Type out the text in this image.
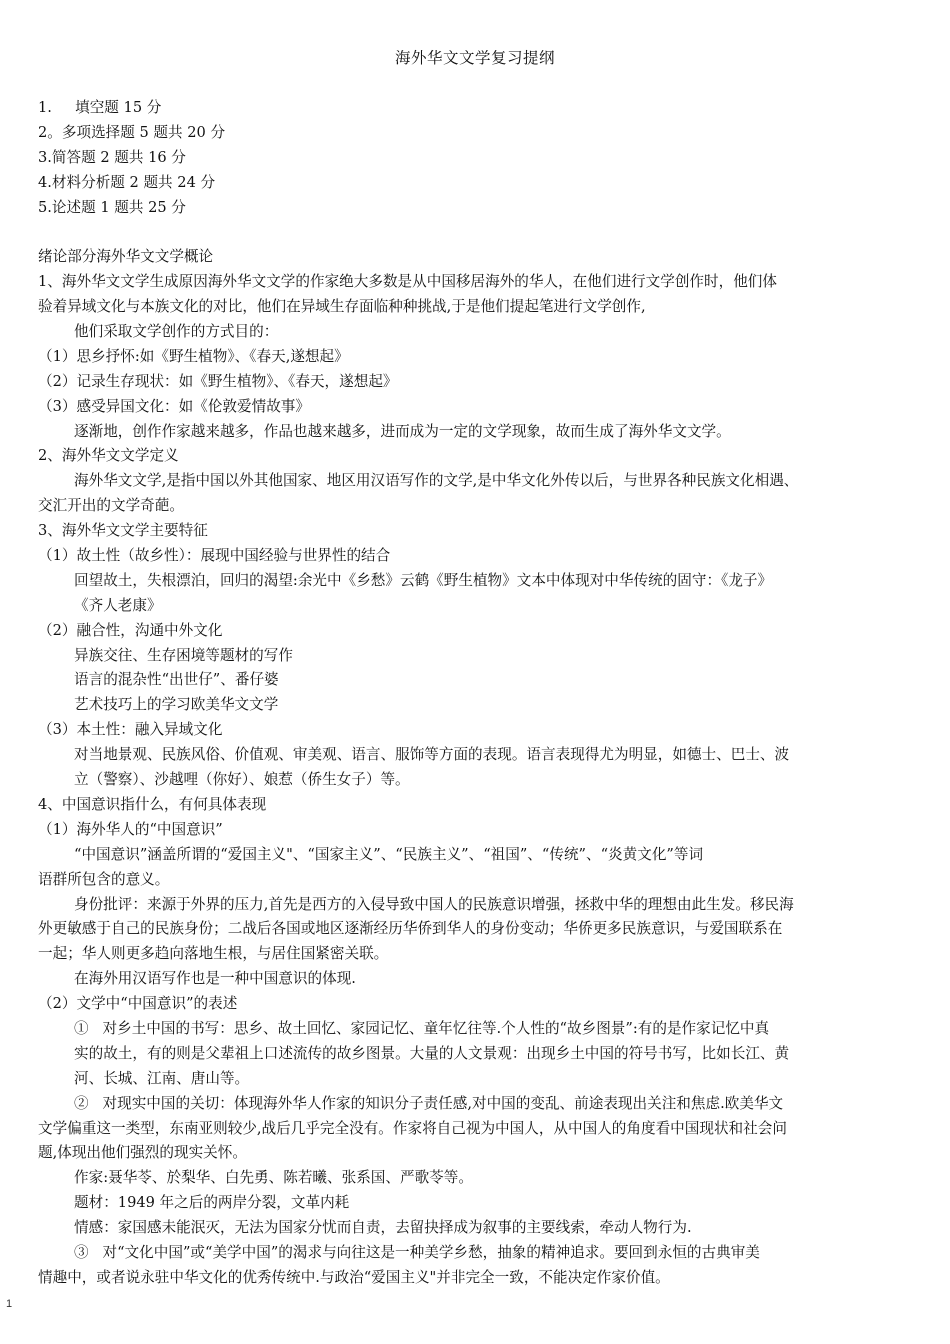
海外华文文学复习提纲
1.     填空题 15 分
2。多项选择题 5 题共 20 分
3.简答题 2 题共 16 分
4.材料分析题 2 题共 24 分
5.论述题 1 题共 25 分
绪论部分海外华文文学概论
1、海外华文文学生成原因海外华文文学的作家绝大多数是从中国移居海外的华人，在他们进行文学创作时，他们体
验着异域文化与本族文化的对比，他们在异域生存面临种种挑战,于是他们提起笔进行文学创作,
他们采取文学创作的方式目的：
（1）思乡抒怀:如《野生植物》、《春天,遂想起》
（2）记录生存现状：如《野生植物》、《春天，遂想起》
（3）感受异国文化：如《伦敦爱情故事》
逐渐地，创作作家越来越多，作品也越来越多，进而成为一定的文学现象，故而生成了海外华文文学。
2、海外华文文学定义
海外华文文学,是指中国以外其他国家、地区用汉语写作的文学,是中华文化外传以后，与世界各种民族文化相遇、
交汇开出的文学奇葩。
3、海外华文文学主要特征
（1）故土性（故乡性）：展现中国经验与世界性的结合
回望故土，失根漂泊，回归的渴望:余光中《乡愁》云鹤《野生植物》文本中体现对中华传统的固守：《龙子》
《齐人老康》
（2）融合性，沟通中外文化
异族交往、生存困境等题材的写作
语言的混杂性“出世仔”、番仔婆
艺术技巧上的学习欧美华文文学
（3）本土性：融入异域文化
对当地景观、民族风俗、价值观、审美观、语言、服饰等方面的表现。语言表现得尤为明显，如德士、巴士、波
立（警察）、沙越哩（你好）、娘惹（侨生女子）等。
4、中国意识指什么，有何具体表现
（1）海外华人的“中国意识”
“中国意识”涵盖所谓的“爱国主义"、“国家主义”、“民族主义”、“祖国”、“传统”、“炎黄文化”等词
语群所包含的意义。
身份批评：来源于外界的压力,首先是西方的入侵导致中国人的民族意识增强，拯救中华的理想由此生发。移民海
外更敏感于自己的民族身份；二战后各国或地区逐渐经历华侨到华人的身份变动；华侨更多民族意识，与爱国联系在
一起；华人则更多趋向落地生根，与居住国紧密关联。
在海外用汉语写作也是一种中国意识的体现.
（2）文学中“中国意识”的表述
①   对乡土中国的书写：思乡、故土回忆、家园记忆、童年忆往等.个人性的“故乡图景”:有的是作家记忆中真
实的故土，有的则是父辈祖上口述流传的故乡图景。大量的人文景观：出现乡土中国的符号书写，比如长江、黄
河、长城、江南、唐山等。
②   对现实中国的关切：体现海外华人作家的知识分子责任感,对中国的变乱、前途表现出关注和焦虑.欧美华文
文学偏重这一类型，东南亚则较少,战后几乎完全没有。作家将自己视为中国人，从中国人的角度看中国现状和社会问
题,体现出他们强烈的现实关怀。
作家:聂华苓、於梨华、白先勇、陈若曦、张系国、严歌苓等。
题材：1949 年之后的两岸分裂，文革内耗
情感：家国感未能泯灭，无法为国家分忧而自责，去留抉择成为叙事的主要线索，牵动人物行为.
③   对“文化中国”或“美学中国”的渴求与向往这是一种美学乡愁，抽象的精神追求。要回到永恒的古典审美
情趣中，或者说永驻中华文化的优秀传统中.与政治“爱国主义"并非完全一致，不能决定作家价值。
1
